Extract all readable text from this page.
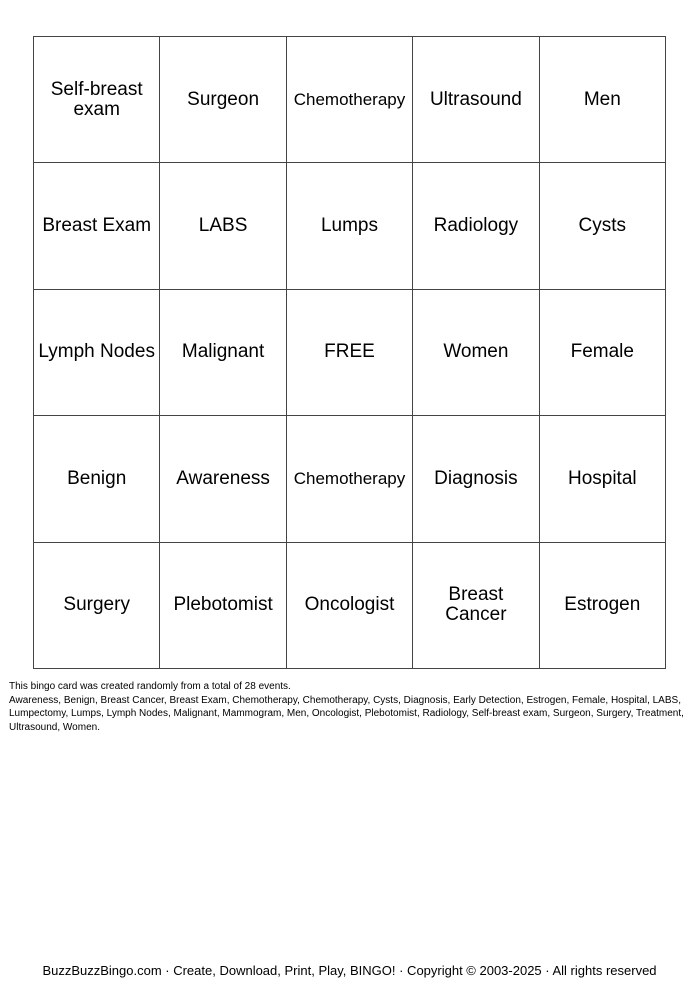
Self-breast exam	Surgeon	Chemotherapy	Ultrasound	Men
Breast Exam	LABS	Lumps	Radiology	Cysts
Lymph Nodes	Malignant	FREE	Women	Female
Benign	Awareness	Chemotherapy	Diagnosis	Hospital
Surgery	Plebotomist	Oncologist	Breast Cancer	Estrogen
This bingo card was created randomly from a total of 28 events.
Awareness, Benign, Breast Cancer, Breast Exam, Chemotherapy, Chemotherapy, Cysts, Diagnosis, Early Detection, Estrogen, Female, Hospital, LABS, Lumpectomy, Lumps, Lymph Nodes, Malignant, Mammogram, Men, Oncologist, Plebotomist, Radiology, Self-breast exam, Surgeon, Surgery, Treatment, Ultrasound, Women.
BuzzBuzzBingo.com · Create, Download, Print, Play, BINGO! · Copyright © 2003-2025 · All rights reserved
